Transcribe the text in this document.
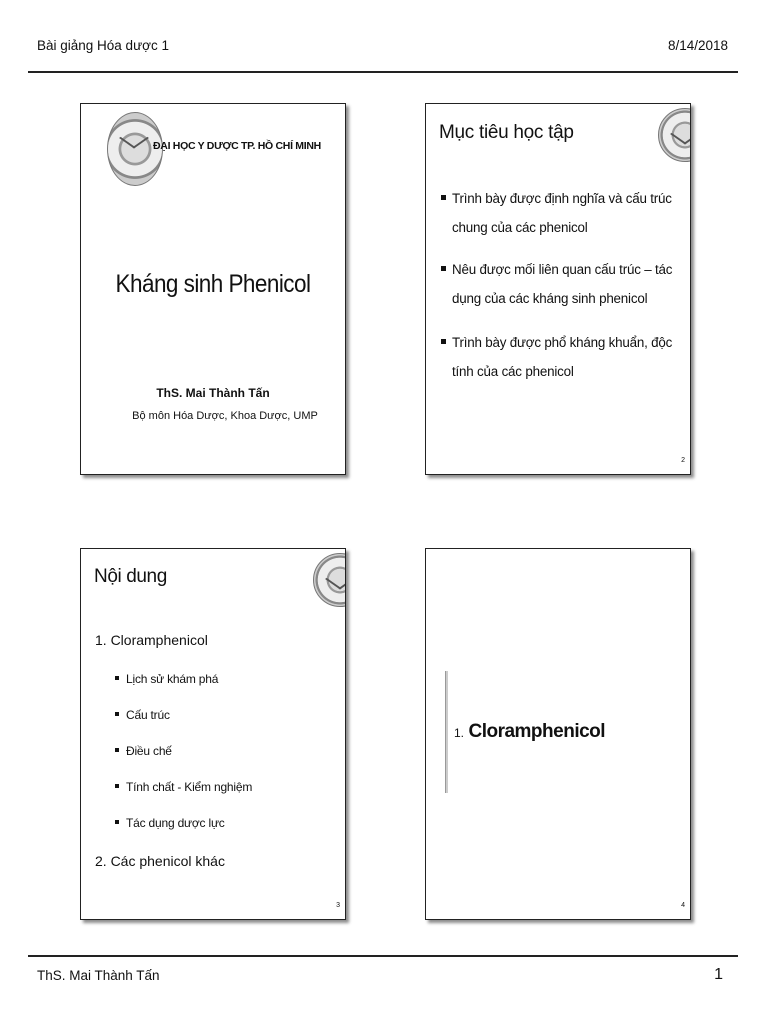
Bài giảng Hóa dược 1	8/14/2018
ĐẠI HỌC Y DƯỢC TP. HỒ CHÍ MINH
Kháng sinh Phenicol
ThS. Mai Thành Tấn
Bộ môn Hóa Dược, Khoa Dược, UMP
Mục tiêu học tập
Trình bày được định nghĩa và cấu trúc chung của các phenicol
Nêu được mối liên quan cấu trúc – tác dụng của các kháng sinh phenicol
Trình bày được phổ kháng khuẩn, độc tính của các phenicol
2
Nội dung
1. Cloramphenicol
Lịch sử khám phá
Cấu trúc
Điều chế
Tính chất - Kiểm nghiệm
Tác dụng dược lực
2. Các phenicol khác
3
1. Cloramphenicol
4
ThS. Mai Thành Tấn	1
